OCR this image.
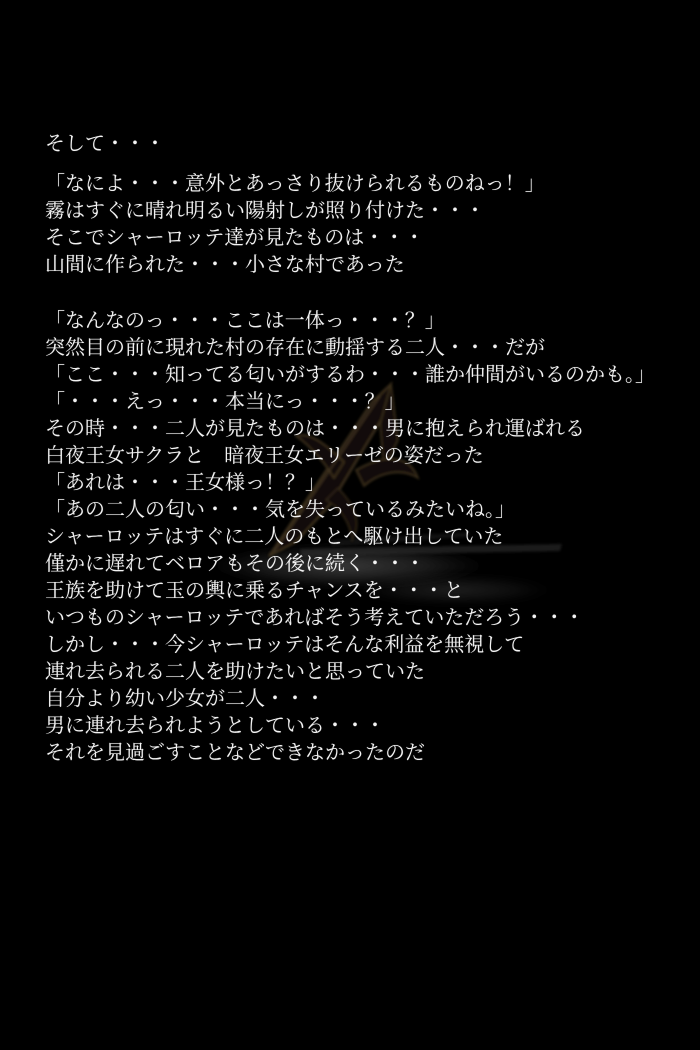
そして・・・
「なによ・・・意外とあっさり抜けられるものねっ！」
霧はすぐに晴れ明るい陽射しが照り付けた・・・
そこでシャーロッテ達が見たものは・・・
山間に作られた・・・小さな村であった
「なんなのっ・・・ここは一体っ・・・？」
突然目の前に現れた村の存在に動揺する二人・・・だが
「ここ・・・知ってる匂いがするわ・・・誰か仲間がいるのかも。」
「・・・えっ・・・本当にっ・・・？」
その時・・・二人が見たものは・・・男に抱えられ運ばれる
白夜王女サクラと　暗夜王女エリーゼの姿だった
「あれは・・・王女様っ！？」
「あの二人の匂い・・・気を失っているみたいね。」
シャーロッテはすぐに二人のもとへ駆け出していた
僅かに遅れてベロアもその後に続く・・・
王族を助けて玉の輿に乗るチャンスを・・・と
いつものシャーロッテであればそう考えていただろう・・・
しかし・・・今シャーロッテはそんな利益を無視して
連れ去られる二人を助けたいと思っていた
自分より幼い少女が二人・・・
男に連れ去られようとしている・・・
それを見過ごすことなどできなかったのだ
